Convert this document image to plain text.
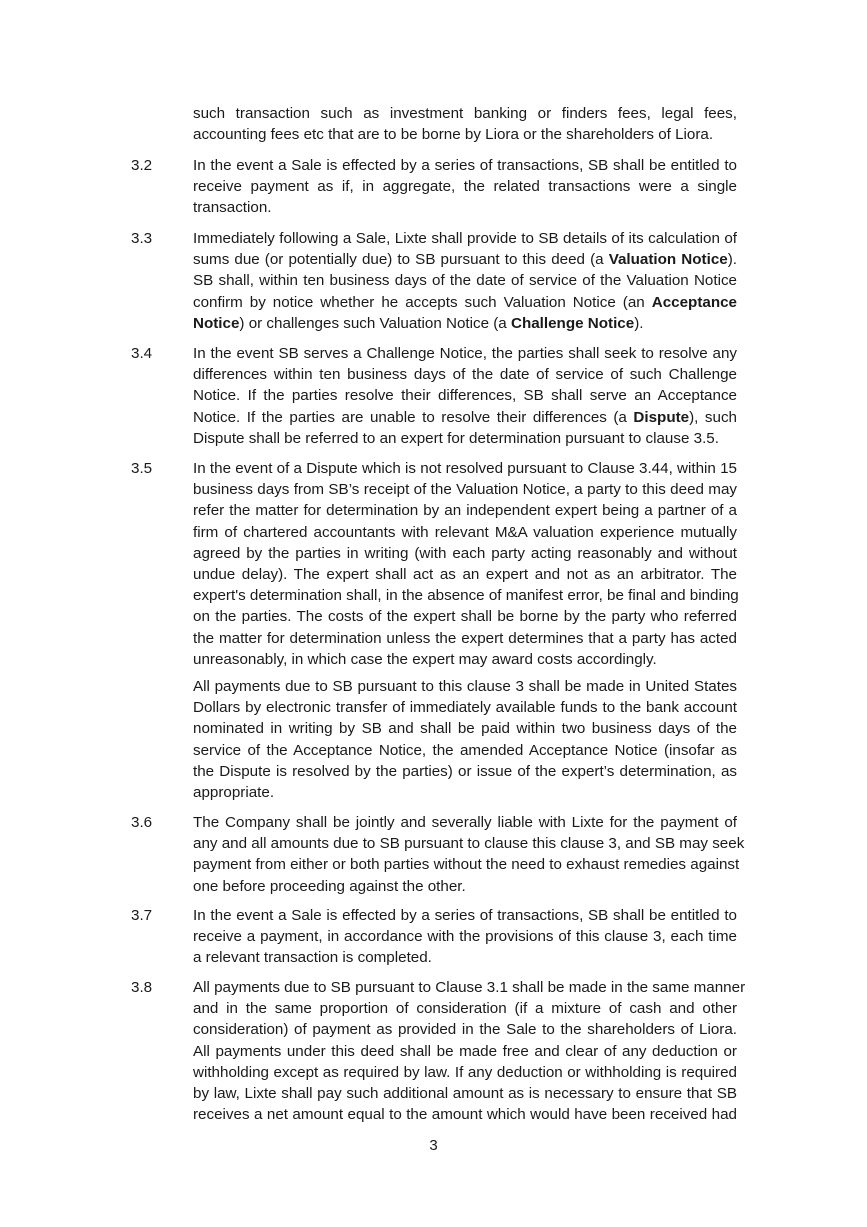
such transaction such as investment banking or finders fees, legal fees,
accounting fees etc that are to be borne by Liora or the shareholders of Liora.
3.2	In the event a Sale is effected by a series of transactions, SB shall be entitled to
receive payment as if, in aggregate, the related transactions were a single
transaction.
3.3	Immediately following a Sale, Lixte shall provide to SB details of its calculation of
sums due (or potentially due) to SB pursuant to this deed (a Valuation Notice).
SB shall, within ten business days of the date of service of the Valuation Notice
confirm by notice whether he accepts such Valuation Notice (an Acceptance
Notice) or challenges such Valuation Notice (a Challenge Notice).
3.4	In the event SB serves a Challenge Notice, the parties shall seek to resolve any
differences within ten business days of the date of service of such Challenge
Notice. If the parties resolve their differences, SB shall serve an Acceptance
Notice. If the parties are unable to resolve their differences (a Dispute), such
Dispute shall be referred to an expert for determination pursuant to clause 3.5.
3.5	In the event of a Dispute which is not resolved pursuant to Clause 3.44, within 15
business days from SB’s receipt of the Valuation Notice, a party to this deed may
refer the matter for determination by an independent expert being a partner of a
firm of chartered accountants with relevant M&A valuation experience mutually
agreed by the parties in writing (with each party acting reasonably and without
undue delay). The expert shall act as an expert and not as an arbitrator. The
expert's determination shall, in the absence of manifest error, be final and binding
on the parties. The costs of the expert shall be borne by the party who referred
the matter for determination unless the expert determines that a party has acted
unreasonably, in which case the expert may award costs accordingly.
All payments due to SB pursuant to this clause 3 shall be made in United States
Dollars by electronic transfer of immediately available funds to the bank account
nominated in writing by SB and shall be paid within two business days of the
service of the Acceptance Notice, the amended Acceptance Notice (insofar as
the Dispute is resolved by the parties) or issue of the expert’s determination, as
appropriate.
3.6	The Company shall be jointly and severally liable with Lixte for the payment of
any and all amounts due to SB pursuant to clause this clause 3, and SB may seek
payment from either or both parties without the need to exhaust remedies against
one before proceeding against the other.
3.7	In the event a Sale is effected by a series of transactions, SB shall be entitled to
receive a payment, in accordance with the provisions of this clause 3, each time
a relevant transaction is completed.
3.8	All payments due to SB pursuant to Clause 3.1 shall be made in the same manner
and in the same proportion of consideration (if a mixture of cash and other
consideration) of payment as provided in the Sale to the shareholders of Liora.
All payments under this deed shall be made free and clear of any deduction or
withholding except as required by law. If any deduction or withholding is required
by law, Lixte shall pay such additional amount as is necessary to ensure that SB
receives a net amount equal to the amount which would have been received had
3
